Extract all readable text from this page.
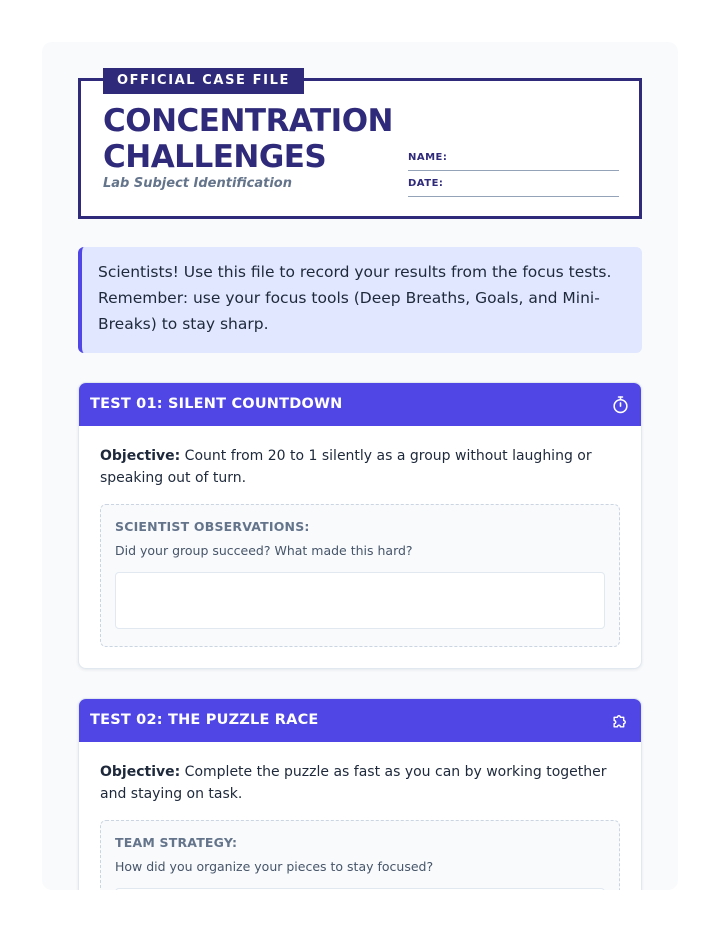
OFFICIAL CASE FILE
CONCENTRATION
CHALLENGES
Lab Subject Identification
NAME:
DATE:
Scientists! Use this file to record your results from the focus tests. Remember: use your focus tools (Deep Breaths, Goals, and Mini-Breaks) to stay sharp.
TEST 01: SILENT COUNTDOWN

Objective: Count from 20 to 1 silently as a group without laughing or speaking out of turn.

SCIENTIST OBSERVATIONS:
Did your group succeed? What made this hard?
TEST 02: THE PUZZLE RACE

Objective: Complete the puzzle as fast as you can by working together and staying on task.

TEAM STRATEGY:
How did you organize your pieces to stay focused?
